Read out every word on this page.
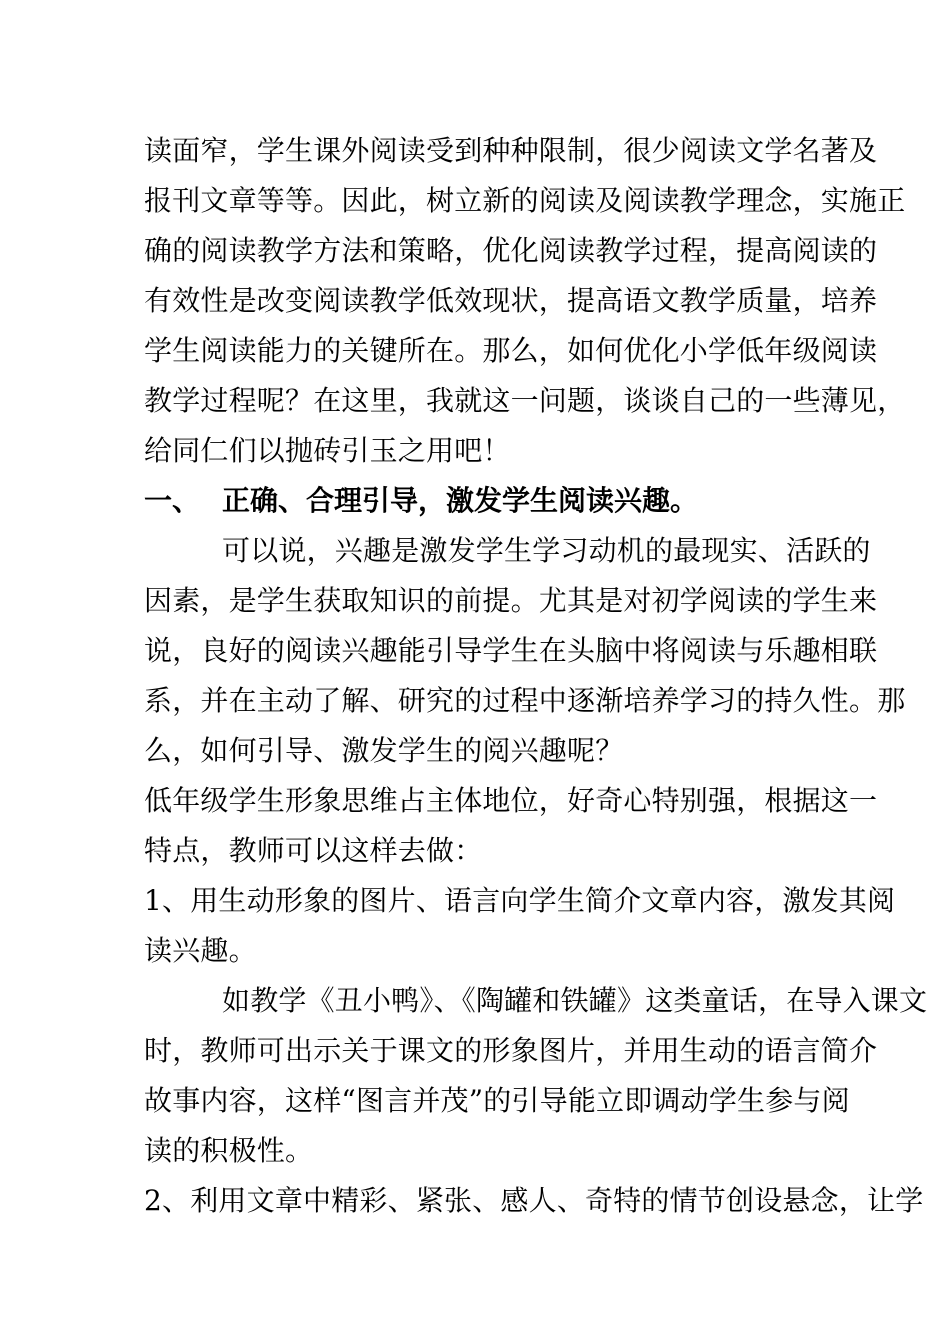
读面窄，学生课外阅读受到种种限制，很少阅读文学名著及
报刊文章等等。因此，树立新的阅读及阅读教学理念，实施正
确的阅读教学方法和策略，优化阅读教学过程，提高阅读的
有效性是改变阅读教学低效现状，提高语文教学质量，培养
学生阅读能力的关键所在。那么，如何优化小学低年级阅读
教学过程呢？在这里，我就这一问题，谈谈自己的一些薄见，
给同仁们以抛砖引玉之用吧！
一、 正确、合理引导，激发学生阅读兴趣。
可以说，兴趣是激发学生学习动机的最现实、活跃的
因素，是学生获取知识的前提。尤其是对初学阅读的学生来
说，良好的阅读兴趣能引导学生在头脑中将阅读与乐趣相联
系，并在主动了解、研究的过程中逐渐培养学习的持久性。那
么，如何引导、激发学生的阅兴趣呢？
低年级学生形象思维占主体地位，好奇心特别强，根据这一
特点，教师可以这样去做：
1、用生动形象的图片、语言向学生简介文章内容，激发其阅
读兴趣。
如教学《丑小鸭》、《陶罐和铁罐》这类童话，在导入课文
时，教师可出示关于课文的形象图片，并用生动的语言简介
故事内容，这样“图言并茂”的引导能立即调动学生参与阅
读的积极性。
2、利用文章中精彩、紧张、感人、奇特的情节创设悬念，让学
